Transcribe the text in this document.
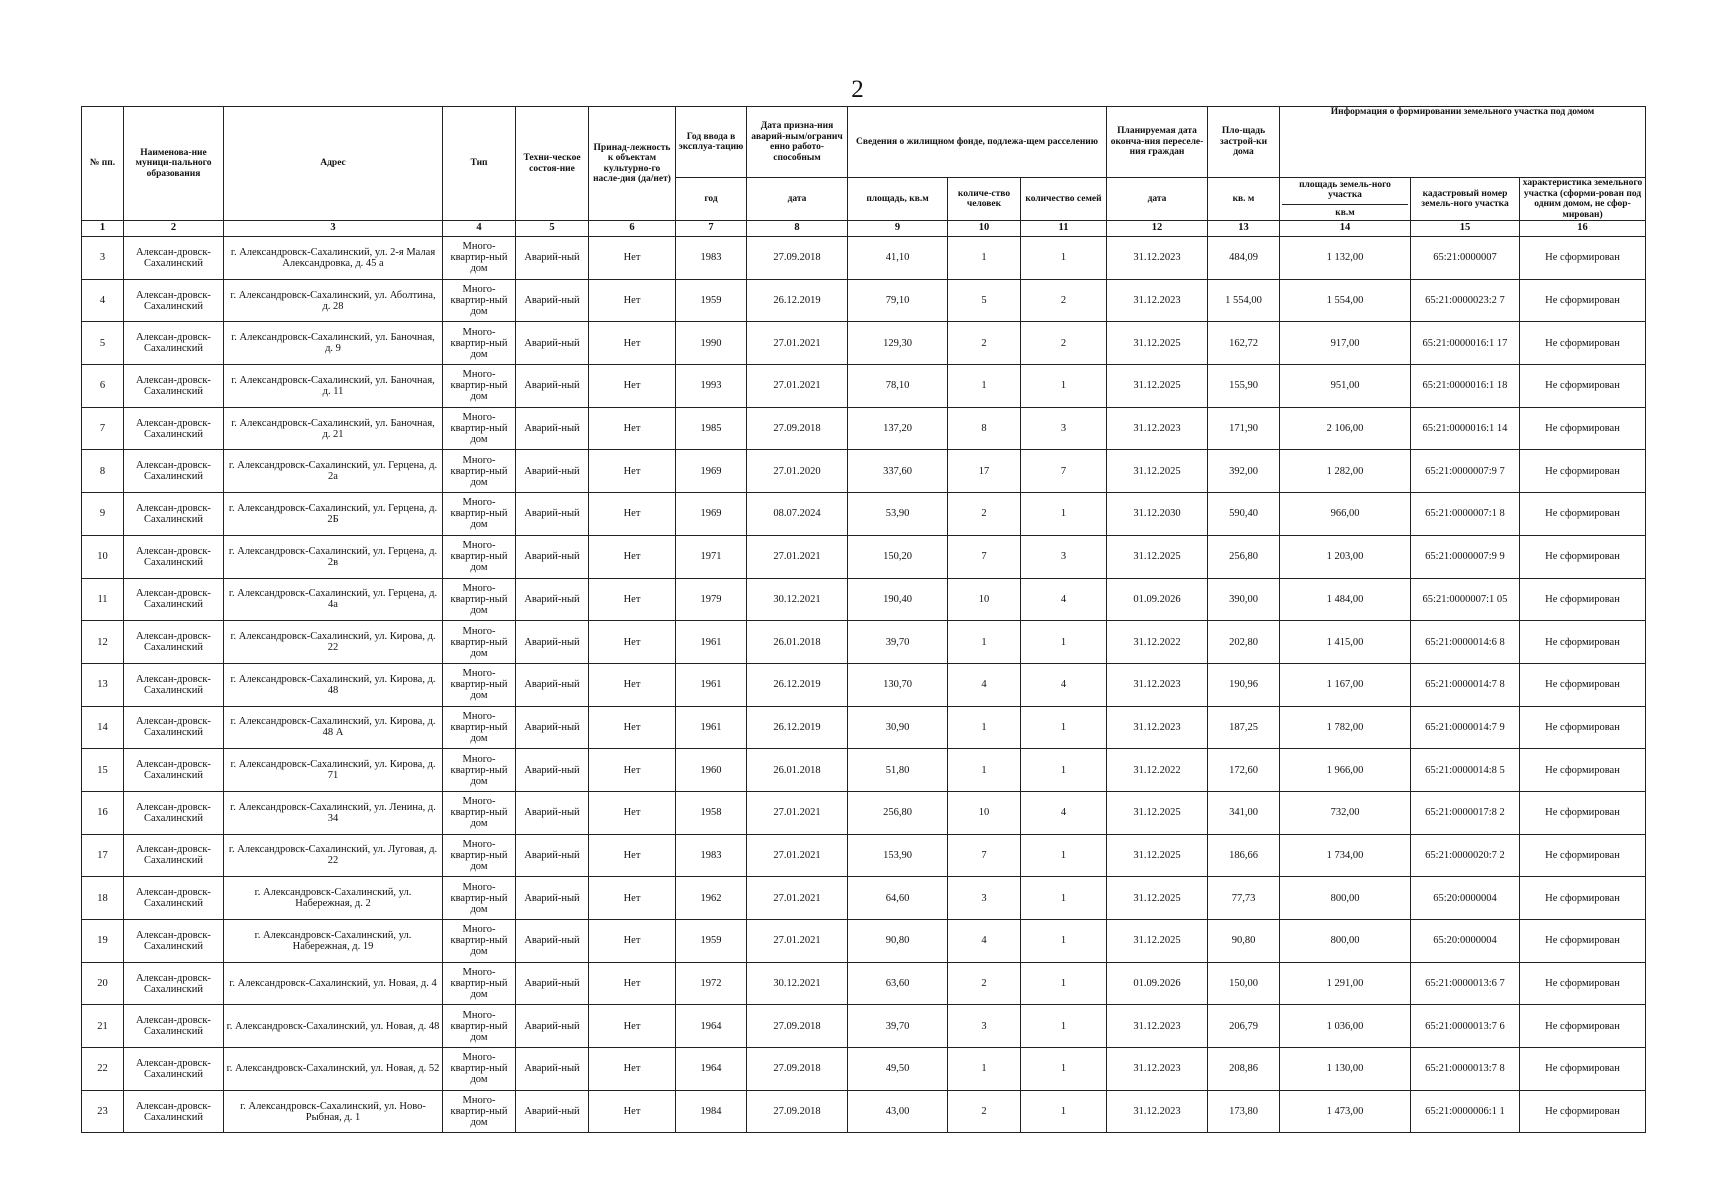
2
№ пп.	Наименова-ние муници-пального образования	Адрес	Тип	Техни-ческое состоя-ние	Принад-лежность к объектам культурно-го насле-дия (да/нет)	Год ввода в эксплуа-тацию	Дата призна-ния аварий-ным/огранич енно работо-способным	Сведения о жилищном фонде, подлежа-щем расселению			Планируемая дата оконча-ния переселе-ния граждан	Пло-щадь застрой-ки дома	Информация о формировании земельного участка под домом		
						год	дата	площадь, кв.м	количе-ство человек	количество семей	дата	кв. м	площадь земель-ного участка
кв.м	кадастровый номер земель-ного участка	характеристика земельного участка (сформи-рован под одним домом, не сфор-мирован)
1	2	3	4	5	6	7	8	9	10	11	12	13	14	15	16
3	Алексан-дровск-Сахалинский	г. Александровск-Сахалинский, ул. 2-я Малая Александровка, д. 45 а	Много-квартир-ный дом	Аварий-ный	Нет	1983	27.09.2018	41,10	1	1	31.12.2023	484,09	1 132,00	65:21:0000007	Не сформирован
4	Алексан-дровск-Сахалинский	г. Александровск-Сахалинский, ул. Аболтина, д. 28	Много-квартир-ный дом	Аварий-ный	Нет	1959	26.12.2019	79,10	5	2	31.12.2023	1 554,00	1 554,00	65:21:0000023:2 7	Не сформирован
5	Алексан-дровск-Сахалинский	г. Александровск-Сахалинский, ул. Баночная, д. 9	Много-квартир-ный дом	Аварий-ный	Нет	1990	27.01.2021	129,30	2	2	31.12.2025	162,72	917,00	65:21:0000016:1 17	Не сформирован
6	Алексан-дровск-Сахалинский	г. Александровск-Сахалинский, ул. Баночная, д. 11	Много-квартир-ный дом	Аварий-ный	Нет	1993	27.01.2021	78,10	1	1	31.12.2025	155,90	951,00	65:21:0000016:1 18	Не сформирован
7	Алексан-дровск-Сахалинский	г. Александровск-Сахалинский, ул. Баночная, д. 21	Много-квартир-ный дом	Аварий-ный	Нет	1985	27.09.2018	137,20	8	3	31.12.2023	171,90	2 106,00	65:21:0000016:1 14	Не сформирован
8	Алексан-дровск-Сахалинский	г. Александровск-Сахалинский, ул. Герцена, д. 2а	Много-квартир-ный дом	Аварий-ный	Нет	1969	27.01.2020	337,60	17	7	31.12.2025	392,00	1 282,00	65:21:0000007:9 7	Не сформирован
9	Алексан-дровск-Сахалинский	г. Александровск-Сахалинский, ул. Герцена, д. 2Б	Много-квартир-ный дом	Аварий-ный	Нет	1969	08.07.2024	53,90	2	1	31.12.2030	590,40	966,00	65:21:0000007:1 8	Не сформирован
10	Алексан-дровск-Сахалинский	г. Александровск-Сахалинский, ул. Герцена, д. 2в	Много-квартир-ный дом	Аварий-ный	Нет	1971	27.01.2021	150,20	7	3	31.12.2025	256,80	1 203,00	65:21:0000007:9 9	Не сформирован
11	Алексан-дровск-Сахалинский	г. Александровск-Сахалинский, ул. Герцена, д. 4а	Много-квартир-ный дом	Аварий-ный	Нет	1979	30.12.2021	190,40	10	4	01.09.2026	390,00	1 484,00	65:21:0000007:1 05	Не сформирован
12	Алексан-дровск-Сахалинский	г. Александровск-Сахалинский, ул. Кирова, д. 22	Много-квартир-ный дом	Аварий-ный	Нет	1961	26.01.2018	39,70	1	1	31.12.2022	202,80	1 415,00	65:21:0000014:6 8	Не сформирован
13	Алексан-дровск-Сахалинский	г. Александровск-Сахалинский, ул. Кирова, д. 48	Много-квартир-ный дом	Аварий-ный	Нет	1961	26.12.2019	130,70	4	4	31.12.2023	190,96	1 167,00	65:21:0000014:7 8	Не сформирован
14	Алексан-дровск-Сахалинский	г. Александровск-Сахалинский, ул. Кирова, д. 48 А	Много-квартир-ный дом	Аварий-ный	Нет	1961	26.12.2019	30,90	1	1	31.12.2023	187,25	1 782,00	65:21:0000014:7 9	Не сформирован
15	Алексан-дровск-Сахалинский	г. Александровск-Сахалинский, ул. Кирова, д. 71	Много-квартир-ный дом	Аварий-ный	Нет	1960	26.01.2018	51,80	1	1	31.12.2022	172,60	1 966,00	65:21:0000014:8 5	Не сформирован
16	Алексан-дровск-Сахалинский	г. Александровск-Сахалинский, ул. Ленина, д. 34	Много-квартир-ный дом	Аварий-ный	Нет	1958	27.01.2021	256,80	10	4	31.12.2025	341,00	732,00	65:21:0000017:8 2	Не сформирован
17	Алексан-дровск-Сахалинский	г. Александровск-Сахалинский, ул. Луговая, д. 22	Много-квартир-ный дом	Аварий-ный	Нет	1983	27.01.2021	153,90	7	1	31.12.2025	186,66	1 734,00	65:21:0000020:7 2	Не сформирован
18	Алексан-дровск-Сахалинский	г. Александровск-Сахалинский, ул. Набережная, д. 2	Много-квартир-ный дом	Аварий-ный	Нет	1962	27.01.2021	64,60	3	1	31.12.2025	77,73	800,00	65:20:0000004	Не сформирован
19	Алексан-дровск-Сахалинский	г. Александровск-Сахалинский, ул. Набережная, д. 19	Много-квартир-ный дом	Аварий-ный	Нет	1959	27.01.2021	90,80	4	1	31.12.2025	90,80	800,00	65:20:0000004	Не сформирован
20	Алексан-дровск-Сахалинский	г. Александровск-Сахалинский, ул. Новая, д. 4	Много-квартир-ный дом	Аварий-ный	Нет	1972	30.12.2021	63,60	2	1	01.09.2026	150,00	1 291,00	65:21:0000013:6 7	Не сформирован
21	Алексан-дровск-Сахалинский	г. Александровск-Сахалинский, ул. Новая, д. 48	Много-квартир-ный дом	Аварий-ный	Нет	1964	27.09.2018	39,70	3	1	31.12.2023	206,79	1 036,00	65:21:0000013:7 6	Не сформирован
22	Алексан-дровск-Сахалинский	г. Александровск-Сахалинский, ул. Новая, д. 52	Много-квартир-ный дом	Аварий-ный	Нет	1964	27.09.2018	49,50	1	1	31.12.2023	208,86	1 130,00	65:21:0000013:7 8	Не сформирован
23	Алексан-дровск-Сахалинский	г. Александровск-Сахалинский, ул. Ново-Рыбная, д. 1	Много-квартир-ный дом	Аварий-ный	Нет	1984	27.09.2018	43,00	2	1	31.12.2023	173,80	1 473,00	65:21:0000006:1 1	Не сформирован
